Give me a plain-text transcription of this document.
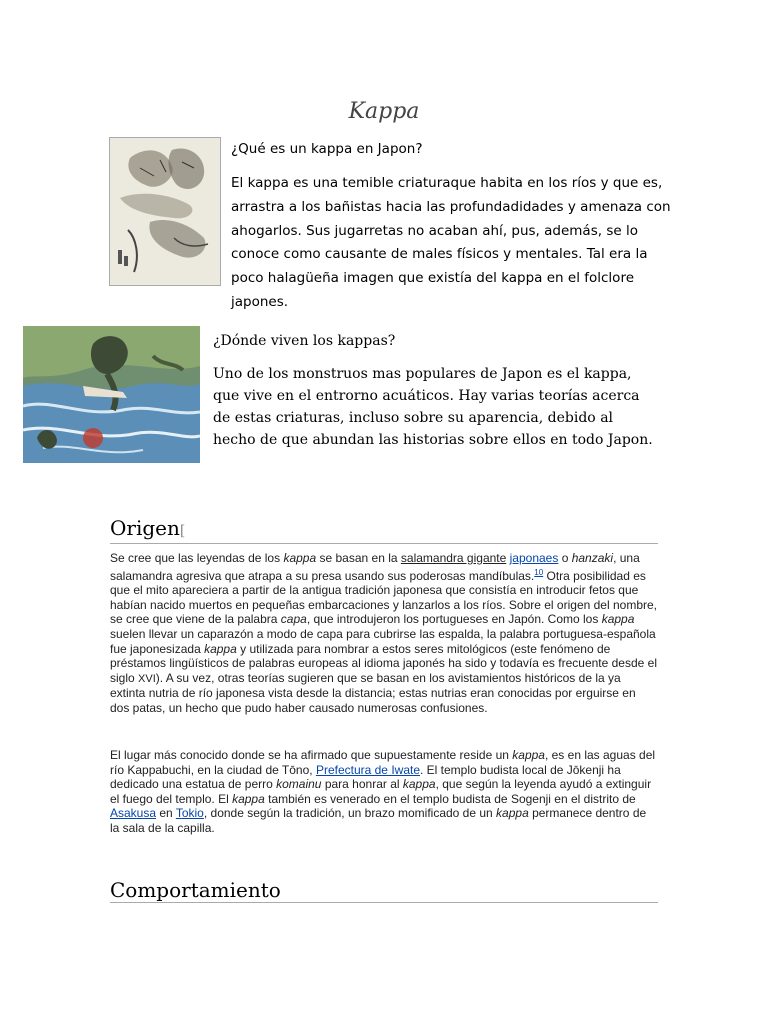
Kappa
¿Qué es un kappa en Japon?
El kappa es una temible criaturaque habita en los ríos y que es, arrastra a los bañistas hacia las profundadidades y amenaza con ahogarlos. Sus jugarretas no acaban ahí, pus, además, se lo conoce como causante de males físicos y mentales. Tal era la poco halagüeña imagen que existía del kappa en el folclore japones.
¿Dónde viven los kappas?
Uno de los monstruos mas populares de Japon es el kappa, que vive en el entrorno acuáticos. Hay varias teorías acerca de estas criaturas, incluso sobre su aparencia, debido al hecho de que abundan las historias sobre ellos en todo Japon.
Origen[
Se cree que las leyendas de los kappa se basan en la salamandra gigante japonaes o hanzaki, una salamandra agresiva que atrapa a su presa usando sus poderosas mandíbulas.$^{10}$ Otra posibilidad es que el mito apareciera a partir de la antigua tradición japonesa que consistía en introducir fetos que habían nacido muertos en pequeñas embarcaciones y lanzarlos a los ríos. Sobre el origen del nombre, se cree que viene de la palabra capa, que introdujeron los portugueses en Japón. Como los kappa suelen llevar un caparazón a modo de capa para cubrirse las espalda, la palabra portuguesa-española fue japonesizada kappa y utilizada para nombrar a estos seres mitológicos (este fenómeno de préstamos lingüísticos de palabras europeas al idioma japonés ha sido y todavía es frecuente desde el siglo XVI). A su vez, otras teorías sugieren que se basan en los avistamientos históricos de la ya extinta nutria de río japonesa vista desde la distancia; estas nutrias eran conocidas por erguirse en dos patas, un hecho que pudo haber causado numerosas confusiones.
El lugar más conocido donde se ha afirmado que supuestamente reside un kappa, es en las aguas del río Kappabuchi, en la ciudad de Tōno, Prefectura de Iwate. El templo budista local de Jōkenji ha dedicado una estatua de perro komainu para honrar al kappa, que según la leyenda ayudó a extinguir el fuego del templo. El kappa también es venerado en el templo budista de Sogenji en el distrito de Asakusa en Tokio, donde según la tradición, un brazo momificado de un kappa permanece dentro de la sala de la capilla.
Comportamiento
